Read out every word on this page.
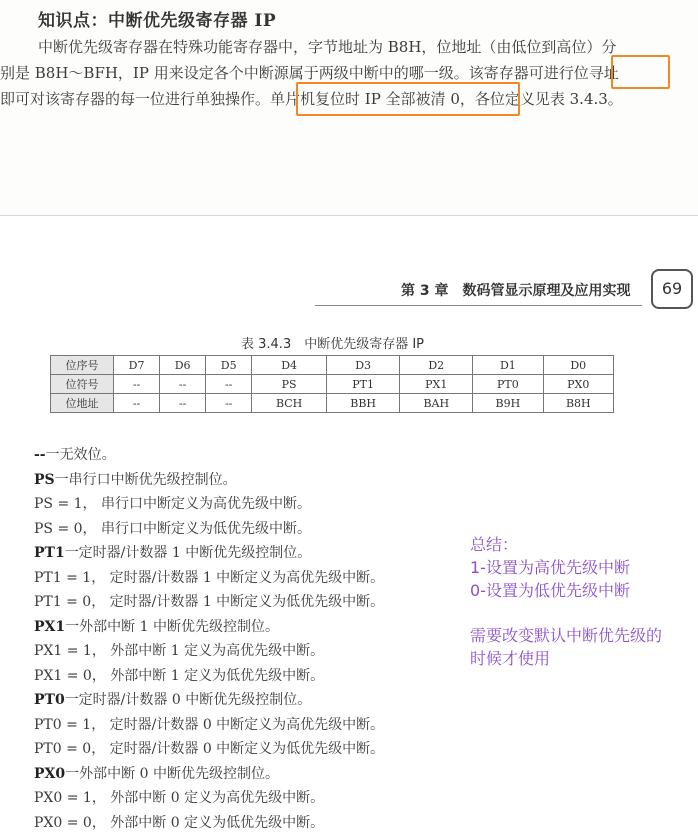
知识点：中断优先级寄存器 IP
中断优先级寄存器在特殊功能寄存器中，字节地址为 B8H，位地址（由低位到高位）分
别是 B8H～BFH，IP 用来设定各个中断源属于两级中断中的哪一级。该寄存器可进行位寻址
即可对该寄存器的每一位进行单独操作。单片机复位时 IP 全部被清 0，各位定义见表 3.4.3。
第 3 章　数码管显示原理及应用实现	69
表 3.4.3　中断优先级寄存器 IP
位序号	D7	D6	D5	D4	D3	D2	D1	D0
位符号	--	--	--	PS	PT1	PX1	PT0	PX0
位地址	--	--	--	BCH	BBH	BAH	B9H	B8H
--一无效位。
PS一串行口中断优先级控制位。
PS = 1， 串行口中断定义为高优先级中断。
PS = 0， 串行口中断定义为低优先级中断。
PT1一定时器/计数器 1 中断优先级控制位。
PT1 = 1， 定时器/计数器 1 中断定义为高优先级中断。
PT1 = 0， 定时器/计数器 1 中断定义为低优先级中断。
PX1一外部中断 1 中断优先级控制位。
PX1 = 1， 外部中断 1 定义为高优先级中断。
PX1 = 0， 外部中断 1 定义为低优先级中断。
PT0一定时器/计数器 0 中断优先级控制位。
PT0 = 1， 定时器/计数器 0 中断定义为高优先级中断。
PT0 = 0， 定时器/计数器 0 中断定义为低优先级中断。
PX0一外部中断 0 中断优先级控制位。
PX0 = 1， 外部中断 0 定义为高优先级中断。
PX0 = 0， 外部中断 0 定义为低优先级中断。
总结：
1-设置为高优先级中断
0-设置为低优先级中断
需要改变默认中断优先级的
时候才使用
